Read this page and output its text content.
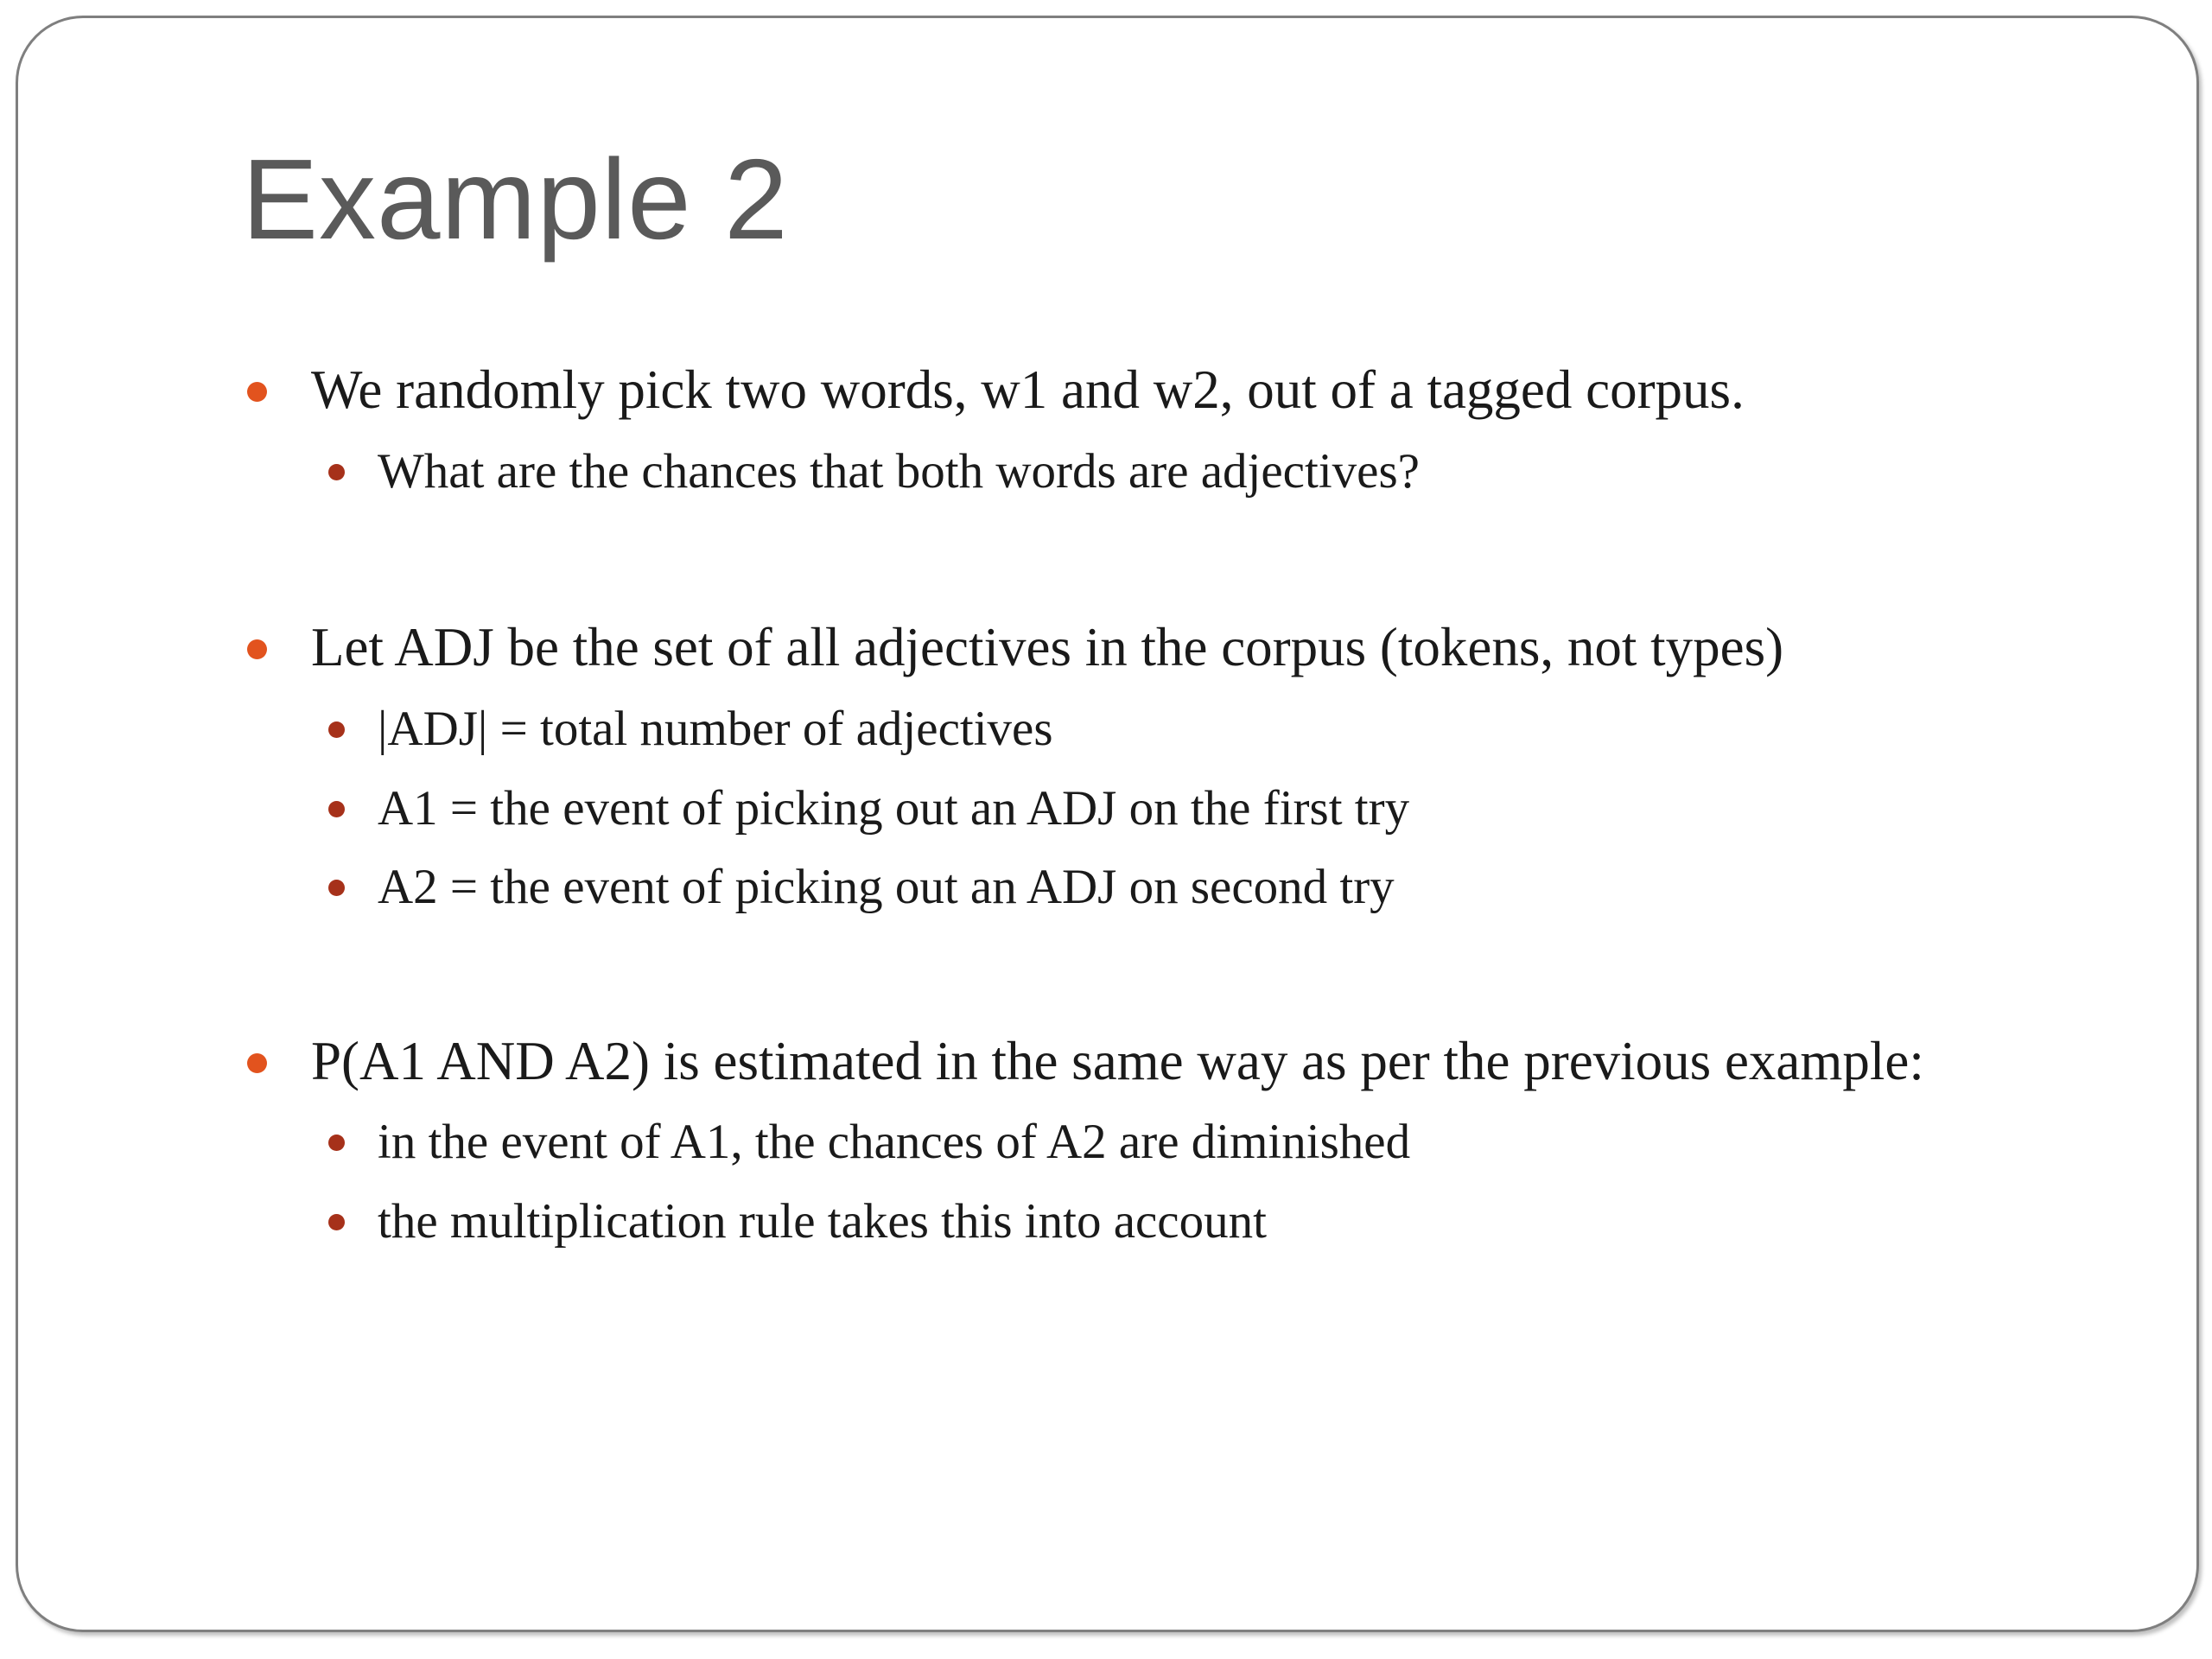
Example 2
We randomly pick two words, w1 and w2, out of a tagged corpus.
What are the chances that both words are adjectives?
Let ADJ be the set of all adjectives in the corpus (tokens, not types)
|ADJ| = total number of adjectives
A1 = the event of picking out an ADJ on the first try
A2 = the event of picking out an ADJ on second try
P(A1 AND A2) is estimated in the same way as per the previous example:
in the event of A1, the chances of A2 are diminished
the multiplication rule takes this into account
